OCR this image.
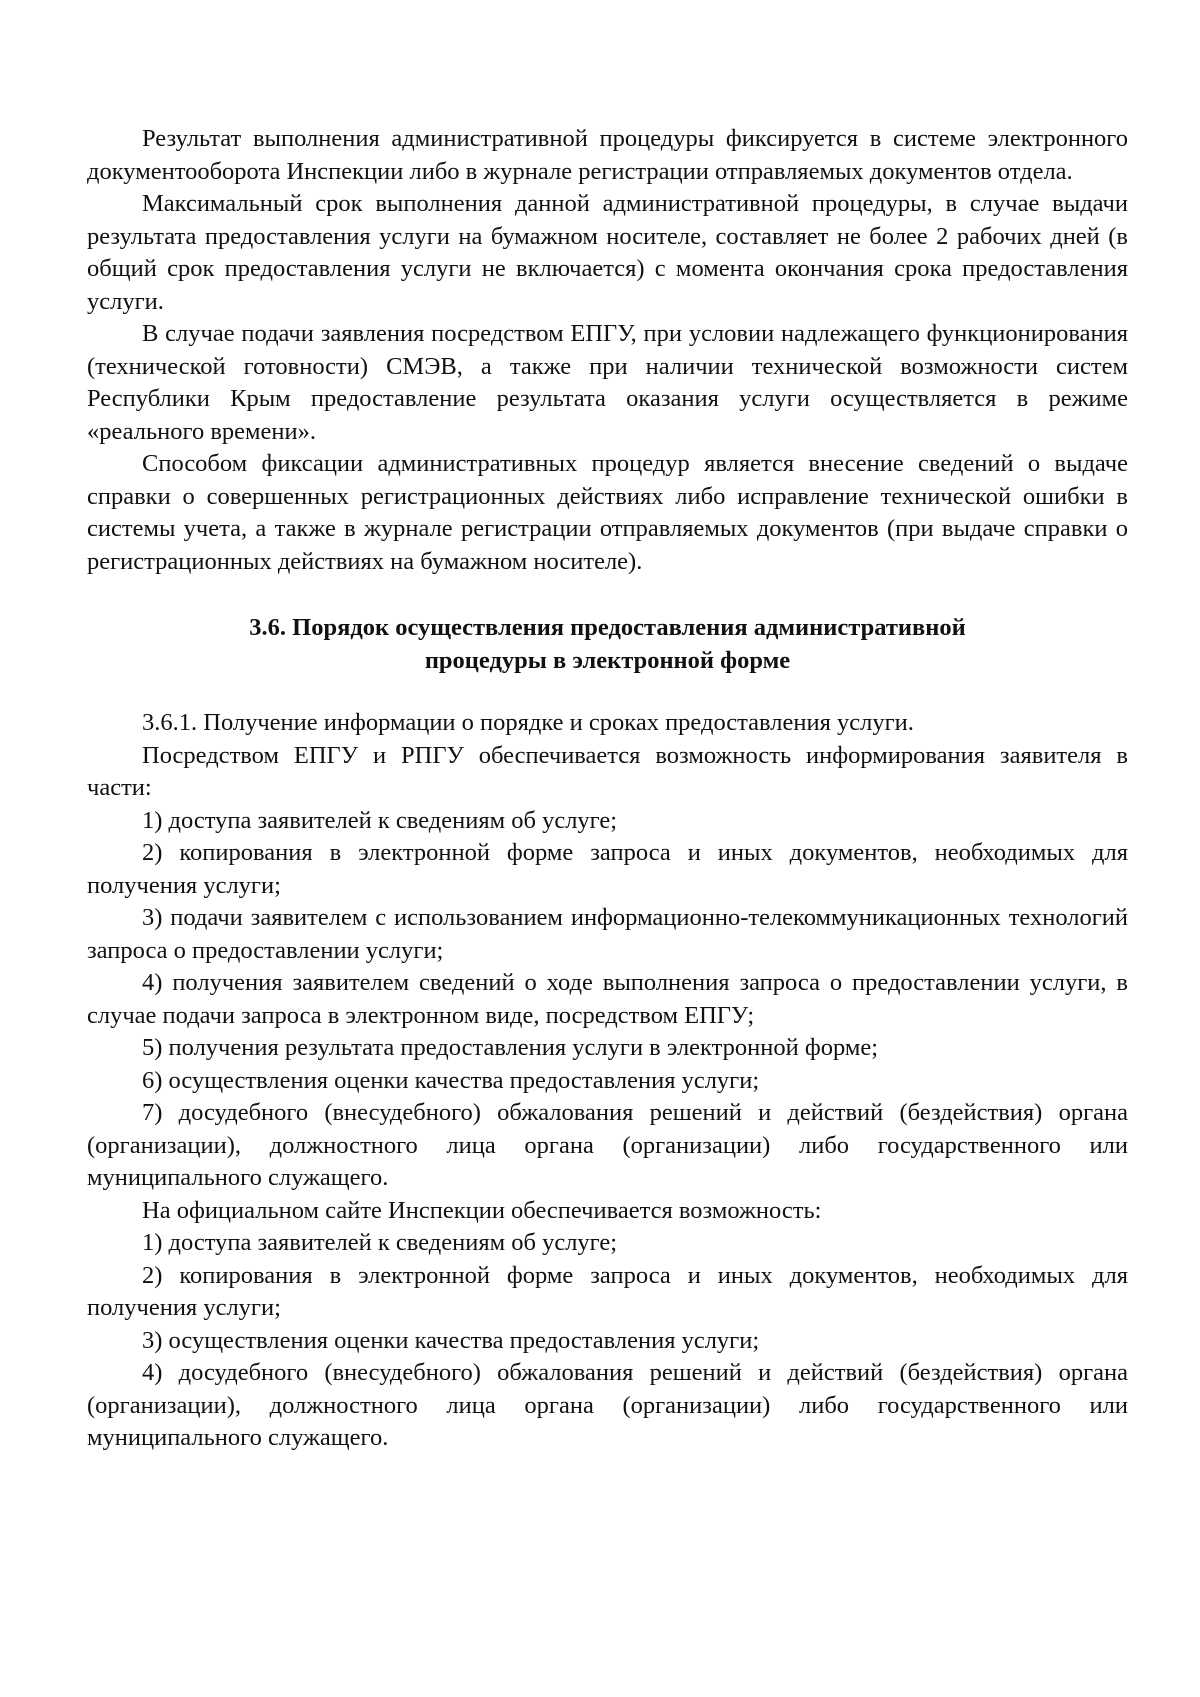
Результат выполнения административной процедуры фиксируется в системе электронного документооборота Инспекции либо в журнале регистрации отправляемых документов отдела.

Максимальный срок выполнения данной административной процедуры, в случае выдачи результата предоставления услуги на бумажном носителе, составляет не более 2 рабочих дней (в общий срок предоставления услуги не включается) с момента окончания срока предоставления услуги.

В случае подачи заявления посредством ЕПГУ, при условии надлежащего функционирования (технической готовности) СМЭВ, а также при наличии технической возможности систем Республики Крым предоставление результата оказания услуги осуществляется в режиме «реального времени».

Способом фиксации административных процедур является внесение сведений о выдаче справки о совершенных регистрационных действиях либо исправление технической ошибки в системы учета, а также в журнале регистрации отправляемых документов (при выдаче справки о регистрационных действиях на бумажном носителе).

3.6. Порядок осуществления предоставления административной
процедуры в электронной форме

3.6.1. Получение информации о порядке и сроках предоставления услуги.

Посредством ЕПГУ и РПГУ обеспечивается возможность информирования заявителя в части:

1) доступа заявителей к сведениям об услуге;

2) копирования в электронной форме запроса и иных документов, необходимых для получения услуги;

3) подачи заявителем с использованием информационно-телекоммуникационных технологий запроса о предоставлении услуги;

4) получения заявителем сведений о ходе выполнения запроса о предоставлении услуги, в случае подачи запроса в электронном виде, посредством ЕПГУ;

5) получения результата предоставления услуги в электронной форме;

6) осуществления оценки качества предоставления услуги;

7) досудебного (внесудебного) обжалования решений и действий (бездействия) органа (организации), должностного лица органа (организации) либо государственного или муниципального служащего.

На официальном сайте Инспекции обеспечивается возможность:

1) доступа заявителей к сведениям об услуге;

2) копирования в электронной форме запроса и иных документов, необходимых для получения услуги;

3) осуществления оценки качества предоставления услуги;

4) досудебного (внесудебного) обжалования решений и действий (бездействия) органа (организации), должностного лица органа (организации) либо государственного или муниципального служащего.
